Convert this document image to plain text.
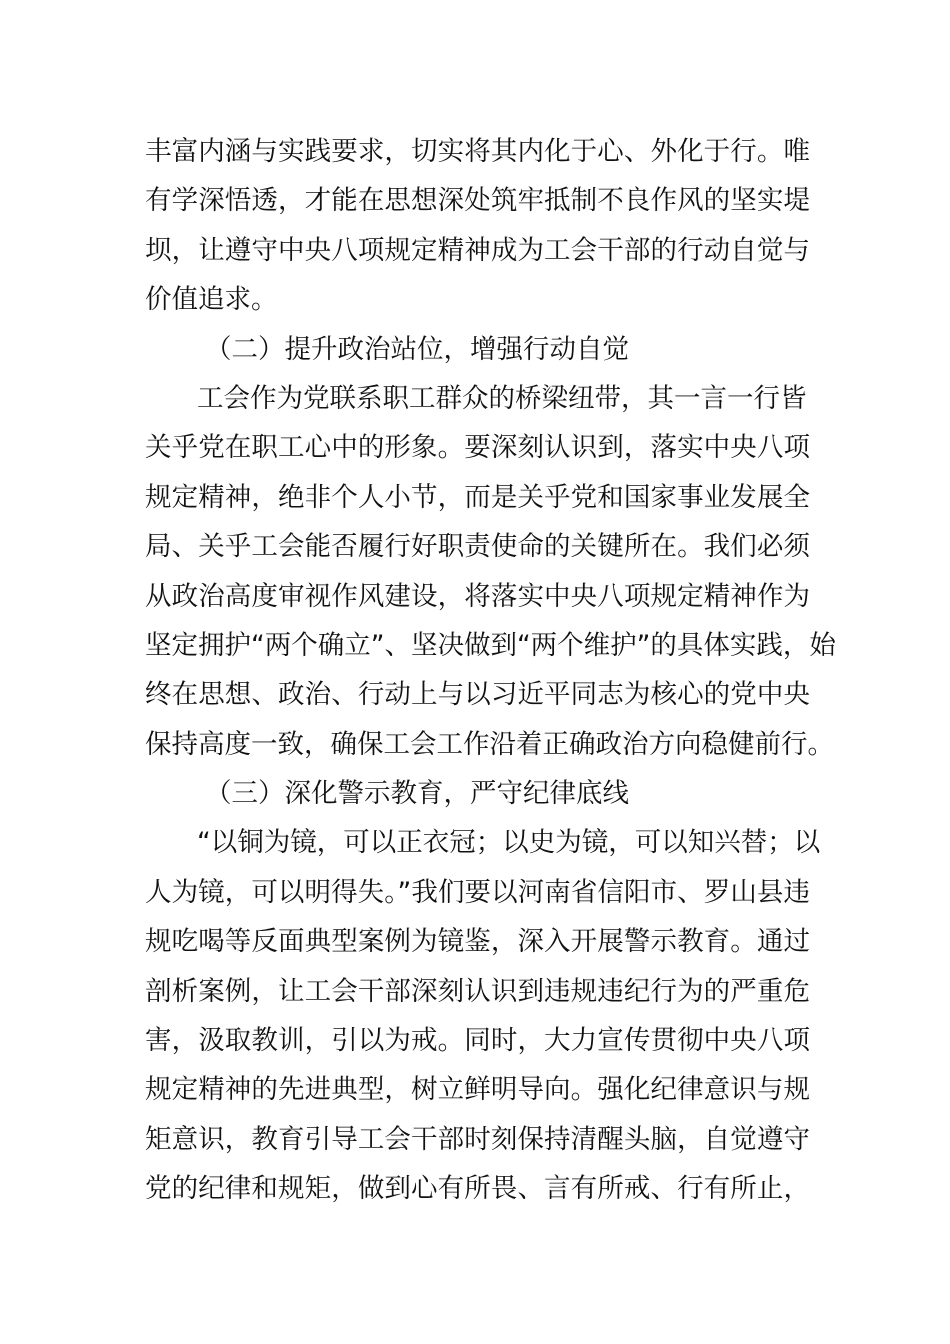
丰富内涵与实践要求，切实将其内化于心、外化于行。唯
有学深悟透，才能在思想深处筑牢抵制不良作风的坚实堤
坝，让遵守中央八项规定精神成为工会干部的行动自觉与
价值追求。
（二）提升政治站位，增强行动自觉
工会作为党联系职工群众的桥梁纽带，其一言一行皆
关乎党在职工心中的形象。要深刻认识到，落实中央八项
规定精神，绝非个人小节，而是关乎党和国家事业发展全
局、关乎工会能否履行好职责使命的关键所在。我们必须
从政治高度审视作风建设，将落实中央八项规定精神作为
坚定拥护“两个确立”、坚决做到“两个维护”的具体实践，始
终在思想、政治、行动上与以习近平同志为核心的党中央
保持高度一致，确保工会工作沿着正确政治方向稳健前行。
（三）深化警示教育，严守纪律底线
“以铜为镜，可以正衣冠；以史为镜，可以知兴替；以
人为镜，可以明得失。”我们要以河南省信阳市、罗山县违
规吃喝等反面典型案例为镜鉴，深入开展警示教育。通过
剖析案例，让工会干部深刻认识到违规违纪行为的严重危
害，汲取教训，引以为戒。同时，大力宣传贯彻中央八项
规定精神的先进典型，树立鲜明导向。强化纪律意识与规
矩意识，教育引导工会干部时刻保持清醒头脑，自觉遵守
党的纪律和规矩，做到心有所畏、言有所戒、行有所止，
